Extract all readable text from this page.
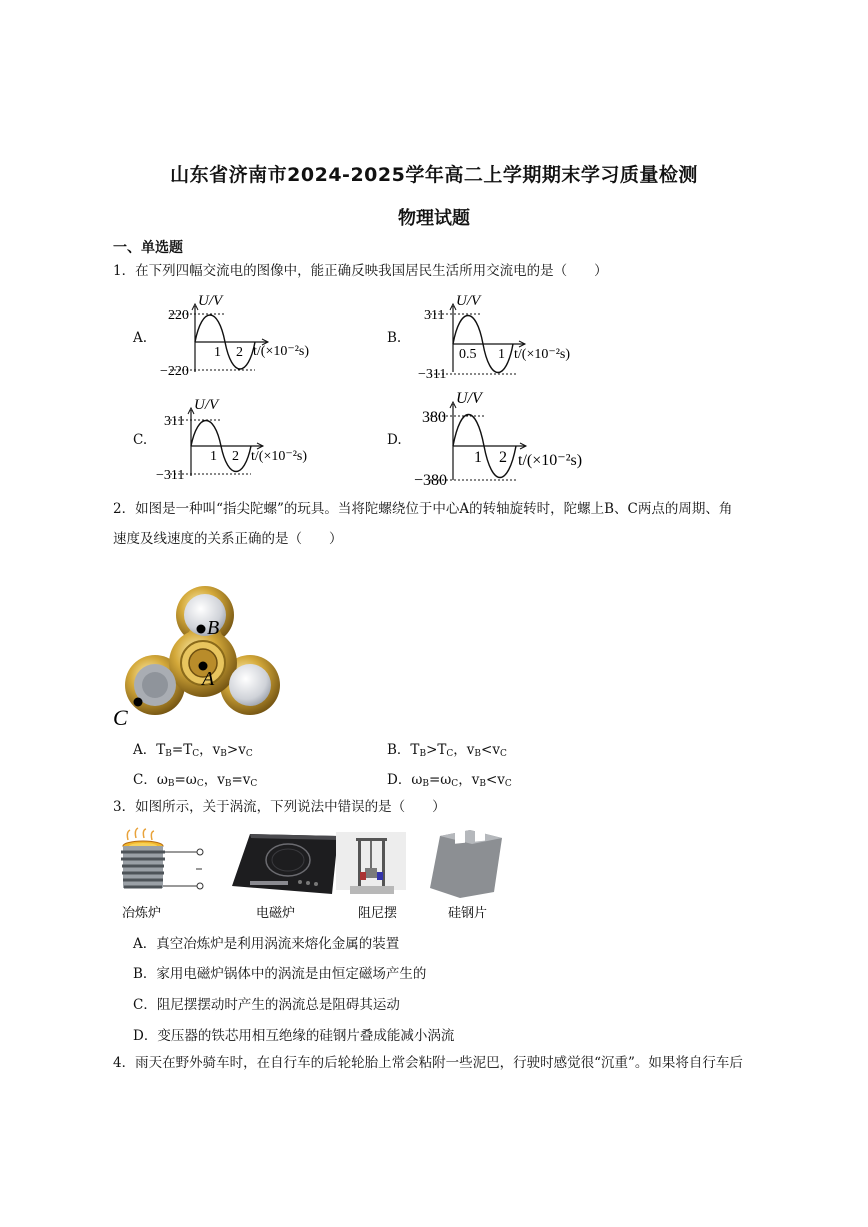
山东省济南市2024-2025学年高二上学期期末学习质量检测
物理试题
一、单选题
1．在下列四幅交流电的图像中，能正确反映我国居民生活所用交流电的是（　　）
A.
U/V
220
−220
1 2 t/(×10⁻²s)
B.
U/V
311
−311
0.5 1 t/(×10⁻²s)
C.
U/V
311
−311
1 2 t/(×10⁻²s)
D.
U/V
380
−380
1 2 t/(×10⁻²s)
2．如图是一种叫“指尖陀螺”的玩具。当将陀螺绕位于中心A的转轴旋转时，陀螺上B、C两点的周期、角
速度及线速度的关系正确的是（　　）
A
B
C
A．$T_B=T_C$，$v_B>v_C$	B．$T_B>T_C$，$v_B<v_C$
C．$\omega_B=\omega_C$，$v_B=v_C$	D．$\omega_B=\omega_C$，$v_B<v_C$
3．如图所示，关于涡流，下列说法中错误的是（　　）
冶炼炉	电磁炉	阻尼摆	硅钢片
A．真空冶炼炉是利用涡流来熔化金属的装置
B．家用电磁炉锅体中的涡流是由恒定磁场产生的
C．阻尼摆摆动时产生的涡流总是阻碍其运动
D．变压器的铁芯用相互绝缘的硅钢片叠成能减小涡流
4．雨天在野外骑车时，在自行车的后轮轮胎上常会粘附一些泥巴，行驶时感觉很“沉重”。如果将自行车后
